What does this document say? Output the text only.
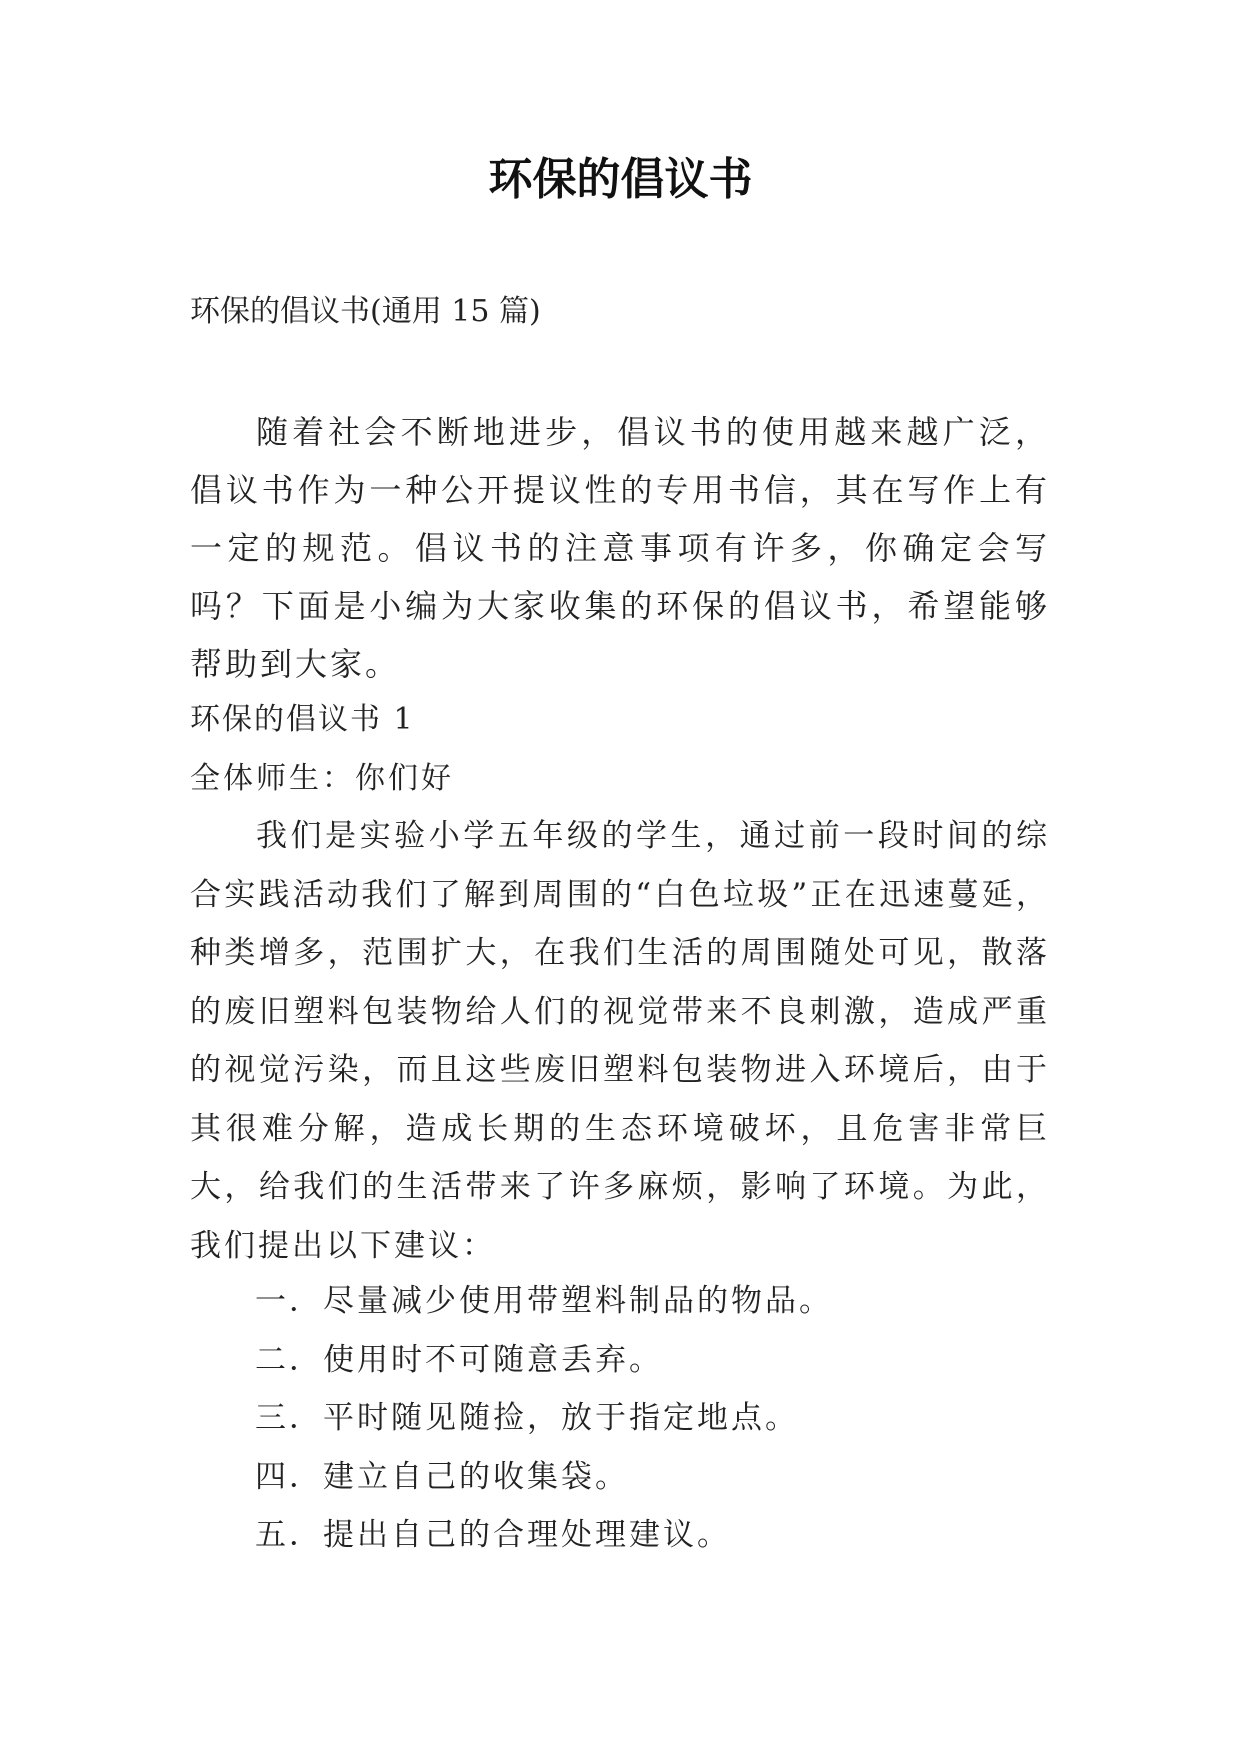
环保的倡议书

环保的倡议书(通用 15 篇)

随着社会不断地进步，倡议书的使用越来越广泛，倡议书作为一种公开提议性的专用书信，其在写作上有一定的规范。倡议书的注意事项有许多，你确定会写吗？下面是小编为大家收集的环保的倡议书，希望能够帮助到大家。

环保的倡议书 1

全体师生：你们好

我们是实验小学五年级的学生，通过前一段时间的综合实践活动我们了解到周围的“白色垃圾”正在迅速蔓延，种类增多，范围扩大，在我们生活的周围随处可见，散落的废旧塑料包装物给人们的视觉带来不良刺激，造成严重的视觉污染，而且这些废旧塑料包装物进入环境后，由于其很难分解，造成长期的生态环境破坏，且危害非常巨大，给我们的生活带来了许多麻烦，影响了环境。为此，我们提出以下建议：

一．尽量减少使用带塑料制品的物品。
二．使用时不可随意丢弃。
三．平时随见随捡，放于指定地点。
四．建立自己的收集袋。
五．提出自己的合理处理建议。
